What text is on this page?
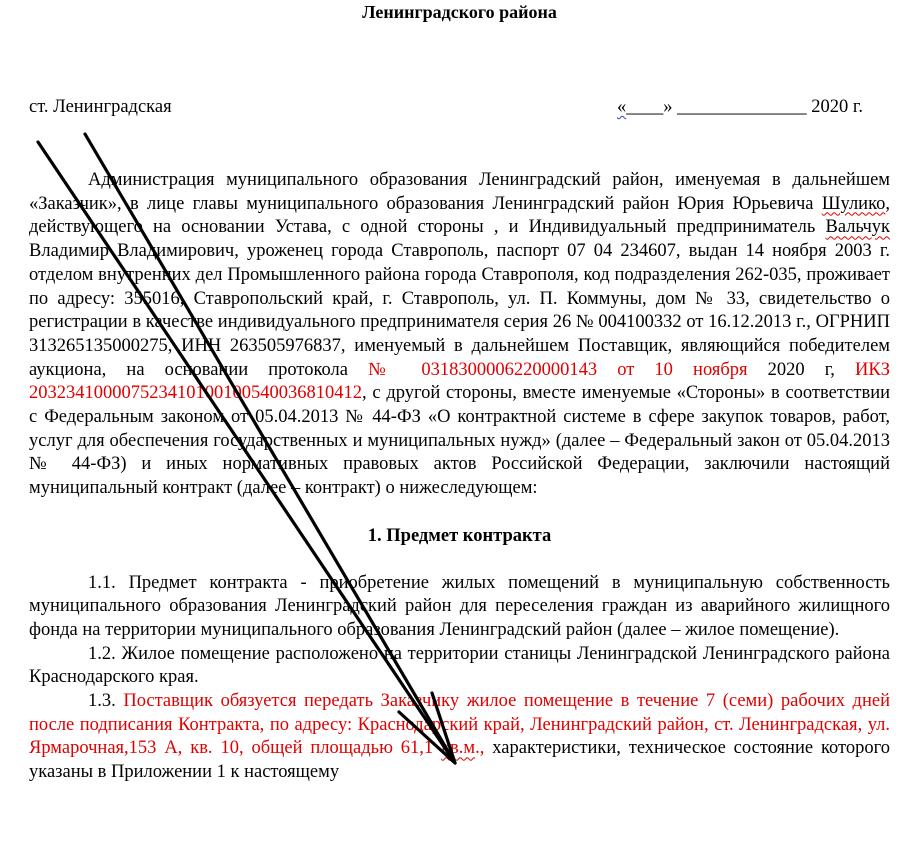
Ленинградского района
ст. Ленинградская	«____» ______________ 2020 г.

Администрация муниципального образования Ленинградский район, именуемая в дальнейшем «Заказчик», в лице главы муниципального образования Ленинградский район Юрия Юрьевича Шулико, действующего на основании Устава, с одной стороны , и Индивидуальный предприниматель Вальчук Владимир Владимирович, уроженец города Ставрополь, паспорт 07 04 234607, выдан 14 ноября 2003 г. отделом внутренних дел Промышленного района города Ставрополя, код подразделения 262-035, проживает по адресу: 355016, Ставропольский край, г. Ставрополь, ул. П. Коммуны, дом № 33, свидетельство о регистрации в качестве индивидуального предпринимателя серия 26 № 004100332 от 16.12.2013 г., ОГРНИП 313265135000275, ИНН 263505976837, именуемый в дальнейшем Поставщик, являющийся победителем аукциона, на основании протокола № 0318300006220000143 от 10 ноября 2020 г, ИКЗ 203234100007523410100100540036810412, с другой стороны, вместе именуемые «Стороны» в соответствии с Федеральным законом от 05.04.2013 № 44-ФЗ «О контрактной системе в сфере закупок товаров, работ, услуг для обеспечения государственных и муниципальных нужд» (далее – Федеральный закон от 05.04.2013 № 44-ФЗ) и иных нормативных правовых актов Российской Федерации, заключили настоящий муниципальный контракт (далее – контракт) о нижеследующем:

1. Предмет контракта

1.1. Предмет контракта - приобретение жилых помещений в муниципальную собственность муниципального образования Ленинградский район для переселения граждан из аварийного жилищного фонда на территории муниципального образования Ленинградский район (далее – жилое помещение).

1.2. Жилое помещение расположено на территории станицы Ленинградской Ленинградского района Краснодарского края.

1.3. Поставщик обязуется передать Заказчику жилое помещение в течение 7 (семи) рабочих дней после подписания Контракта, по адресу: Краснодарский край, Ленинградский район, ст. Ленинградская, ул. Ярмарочная,153 А, кв. 10, общей площадью 61,1 кв.м., характеристики, техническое состояние которого указаны в Приложении 1 к настоящему
